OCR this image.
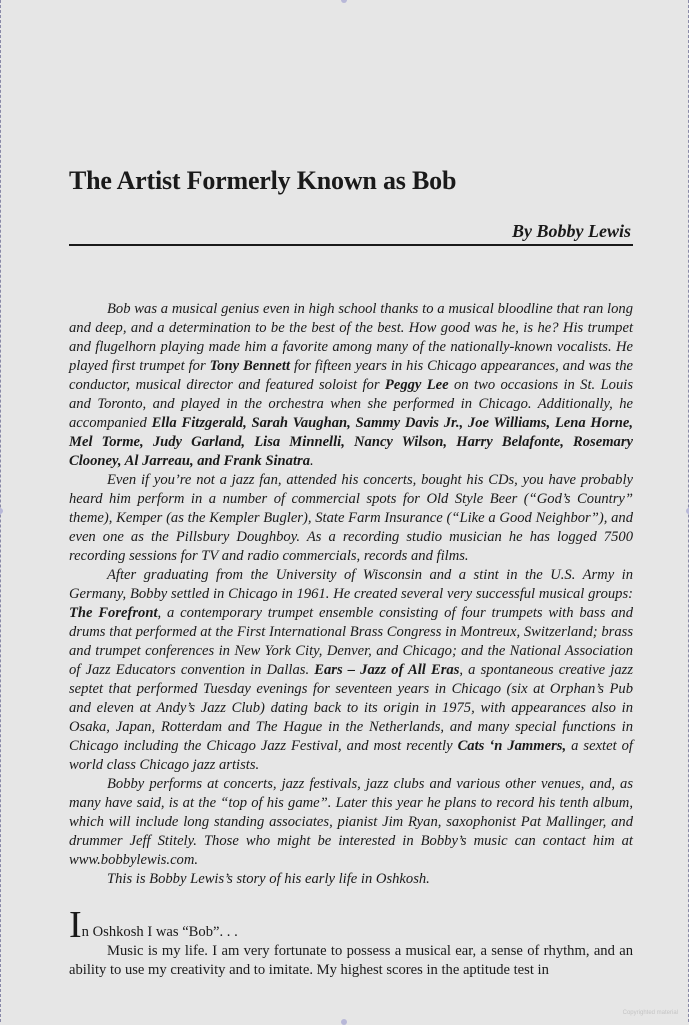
The Artist Formerly Known as Bob
By Bobby Lewis

Bob was a musical genius even in high school thanks to a musical bloodline that ran long and deep, and a determination to be the best of the best. How good was he, is he? His trumpet and flugelhorn playing made him a favorite among many of the nationally-known vocalists. He played first trumpet for Tony Bennett for fifteen years in his Chicago appearances, and was the conductor, musical director and featured soloist for Peggy Lee on two occasions in St. Louis and Toronto, and played in the orchestra when she performed in Chicago. Additionally, he accompanied Ella Fitzgerald, Sarah Vaughan, Sammy Davis Jr., Joe Williams, Lena Horne, Mel Torme, Judy Garland, Lisa Minnelli, Nancy Wilson, Harry Belafonte, Rosemary Clooney, Al Jarreau, and Frank Sinatra.

Even if you’re not a jazz fan, attended his concerts, bought his CDs, you have probably heard him perform in a number of commercial spots for Old Style Beer (“God’s Country” theme), Kemper (as the Kempler Bugler), State Farm Insurance (“Like a Good Neighbor”), and even one as the Pillsbury Doughboy. As a recording studio musician he has logged 7500 recording sessions for TV and radio commercials, records and films.

After graduating from the University of Wisconsin and a stint in the U.S. Army in Germany, Bobby settled in Chicago in 1961. He created several very successful musical groups: The Forefront, a contemporary trumpet ensemble consisting of four trumpets with bass and drums that performed at the First International Brass Congress in Montreux, Switzerland; brass and trumpet conferences in New York City, Denver, and Chicago; and the National Association of Jazz Educators convention in Dallas. Ears – Jazz of All Eras, a spontaneous creative jazz septet that performed Tuesday evenings for seventeen years in Chicago (six at Orphan’s Pub and eleven at Andy’s Jazz Club) dating back to its origin in 1975, with appearances also in Osaka, Japan, Rotterdam and The Hague in the Netherlands, and many special functions in Chicago including the Chicago Jazz Festival, and most recently Cats ‘n Jammers, a sextet of world class Chicago jazz artists.

Bobby performs at concerts, jazz festivals, jazz clubs and various other venues, and, as many have said, is at the “top of his game”. Later this year he plans to record his tenth album, which will include long standing associates, pianist Jim Ryan, saxophonist Pat Mallinger, and drummer Jeff Stitely. Those who might be interested in Bobby’s music can contact him at www.bobbylewis.com.

This is Bobby Lewis’s story of his early life in Oshkosh.

In Oshkosh I was “Bob”. . .

Music is my life. I am very fortunate to possess a musical ear, a sense of rhythm, and an ability to use my creativity and to imitate. My highest scores in the aptitude test in

Copyrighted material
